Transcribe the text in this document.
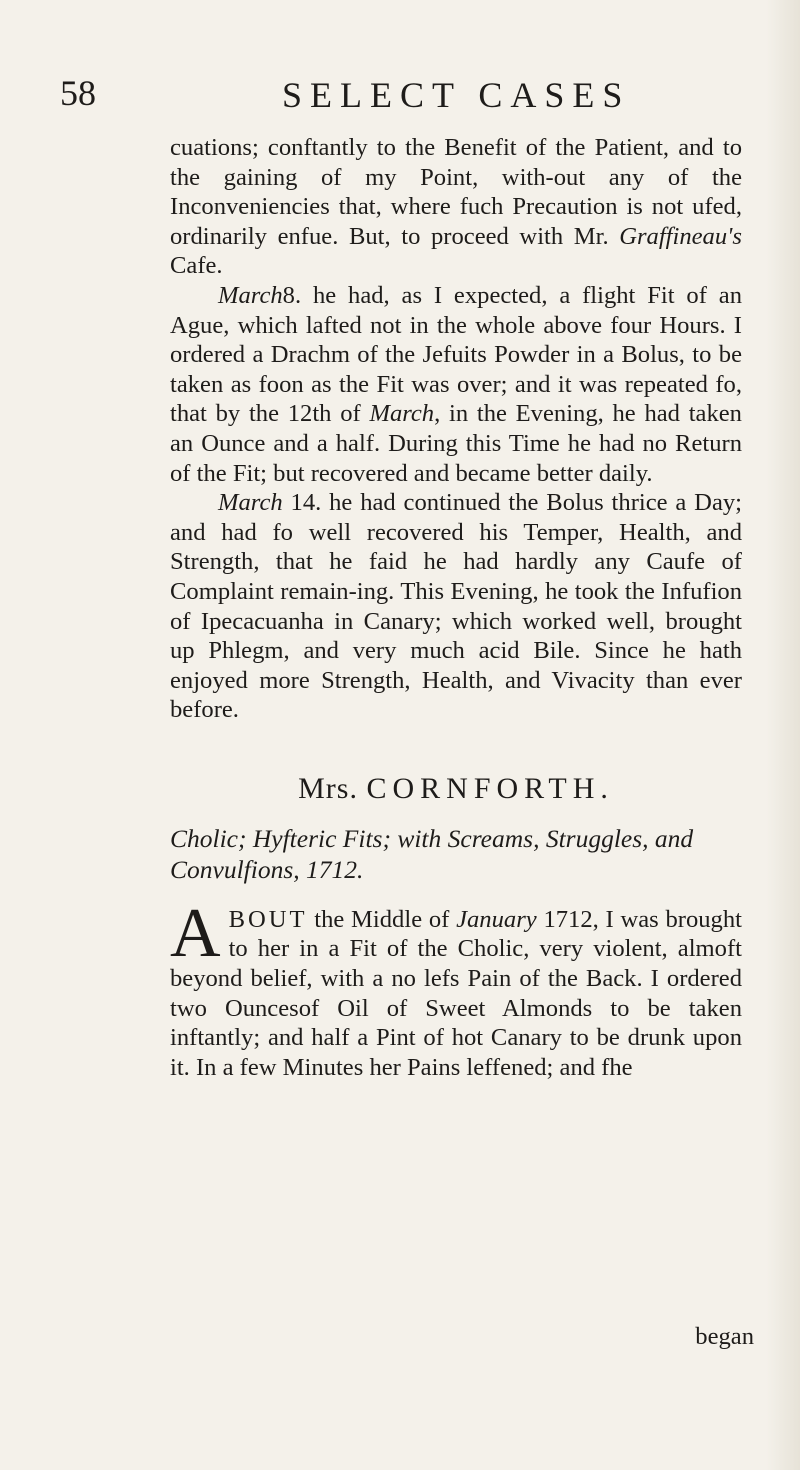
58	SELECT CASES

cuations; conftantly to the Benefit of the Patient, and to the gaining of my Point, with-out any of the Inconveniencies that, where fuch Precaution is not ufed, ordinarily enfue. But, to proceed with Mr. Graffineau's Cafe.

March8. he had, as I expected, a flight Fit of an Ague, which lafted not in the whole above four Hours. I ordered a Drachm of the Jefuits Powder in a Bolus, to be taken as foon as the Fit was over; and it was repeated fo, that by the 12th of March, in the Evening, he had taken an Ounce and a half. During this Time he had no Return of the Fit; but recovered and became better daily.

March 14. he had continued the Bolus thrice a Day; and had fo well recovered his Temper, Health, and Strength, that he faid he had hardly any Caufe of Complaint remain-ing. This Evening, he took the Infufion of Ipecacuanha in Canary; which worked well, brought up Phlegm, and very much acid Bile. Since he hath enjoyed more Strength, Health, and Vivacity than ever before.

Mrs. CORNFORTH.

Cholic; Hyfteric Fits; with Screams, Struggles, and Convulfions, 1712.

ABOUT the Middle of January 1712, I was brought to her in a Fit of the Cholic, very violent, almoft beyond belief, with a no lefs Pain of the Back. I ordered two Ouncesof Oil of Sweet Almonds to be taken inftantly; and half a Pint of hot Canary to be drunk upon it. In a few Minutes her Pains leffened; and fhe

began
